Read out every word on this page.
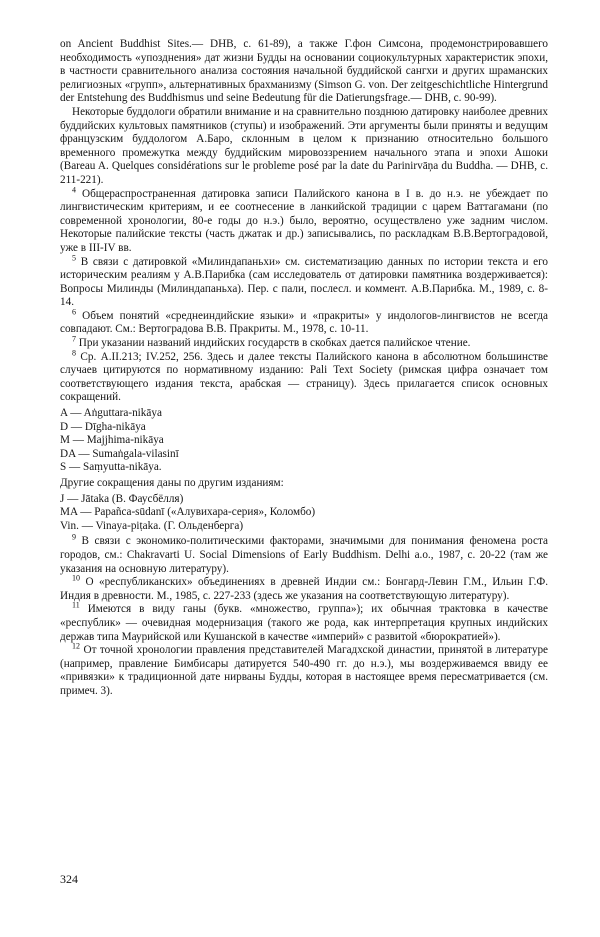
on Ancient Buddhist Sites.— DHB, c. 61-89), а также Г.фон Симсона, продемонстрировавшего необходимость «упозднения» дат жизни Будды на основании социокультурных характеристик эпохи, в частности сравнительного анализа состояния начальной буддийской сангхи и других шраманских религиозных «групп», альтернативных брахманизму (Simson G. von. Der zeitgeschichtliche Hintergrund der Entstehung des Buddhismus und seine Bedeutung für die Datierungsfrage.— DHB, c. 90-99).

Некоторые буддологи обратили внимание и на сравнительно позднюю датировку наиболее древних буддийских культовых памятников (ступы) и изображений. Эти аргументы были приняты и ведущим французским буддологом А.Баро, склонным в целом к признанию относительно большого временного промежутка между буддийским мировоззрением начального этапа и эпохи Ашоки (Bareau A. Quelques considérations sur le probleme posé par la date du Parinirvāņa du Buddha. — DHB, c. 211-221).

$^4$ Общераспространенная датировка записи Палийского канона в I в. до н.э. не убеждает по лингвистическим критериям, и ее соотнесение в ланкийской традиции с царем Ваттагамани (по современной хронологии, 80-е годы до н.э.) было, вероятно, осуществлено уже задним числом. Некоторые палийские тексты (часть джатак и др.) записывались, по раскладкам В.В.Вертоградовой, уже в III-IV вв.

$^5$ В связи с датировкой «Милиндапаньхи» см. систематизацию данных по истории текста и его историческим реалиям у А.В.Парибка (сам исследователь от датировки памятника воздерживается): Вопросы Милинды (Милиндапаньха). Пер. с пали, послесл. и коммент. А.В.Парибка. М., 1989, с. 8-14.

$^6$ Объем понятий «среднеиндийские языки» и «пракриты» у индологов-лингвистов не всегда совпадают. См.: Вертоградова В.В. Пракриты. М., 1978, с. 10-11.

$^7$ При указании названий индийских государств в скобках дается палийское чтение.

$^8$ Ср. A.II.213; IV.252, 256. Здесь и далее тексты Палийского канона в абсолютном большинстве случаев цитируются по нормативному изданию: Pali Text Society (римская цифра означает том соответствующего издания текста, арабская — страницу). Здесь прилагается список основных сокращений.

A — Aṅguttara-nikāya

D — Dīgha-nikāya

M — Majjhima-nikāya

DA — Sumaṅgala-vilasinī

S — Saṃyutta-nikāya.

Другие сокращения даны по другим изданиям:

J — Jātaka (В. Фаусбёлля)

MA — Papañca-sūdanī («Алувихара-серия», Коломбо)

Vin. — Vinaya-piṭaka. (Г. Ольденберга)

$^9$ В связи с экономико-политическими факторами, значимыми для понимания феномена роста городов, см.: Chakravarti U. Social Dimensions of Early Buddhism. Delhi a.o., 1987, c. 20-22 (там же указания на основную литературу).

$^{10}$ О «республиканских» объединениях в древней Индии см.: Бонгард-Левин Г.М., Ильин Г.Ф. Индия в древности. М., 1985, с. 227-233 (здесь же указания на соответствующую литературу).

$^{11}$ Имеются в виду ганы (букв. «множество, группа»); их обычная трактовка в качестве «республик» — очевидная модернизация (такого же рода, как интерпретация крупных индийских держав типа Маурийской или Кушанской в качестве «империй» с развитой «бюрократией»).

$^{12}$ От точной хронологии правления представителей Магадхской династии, принятой в литературе (например, правление Бимбисары датируется 540-490 гг. до н.э.), мы воздерживаемся ввиду ее «привязки» к традиционной дате нирваны Будды, которая в настоящее время пересматривается (см. примеч. 3).

324
